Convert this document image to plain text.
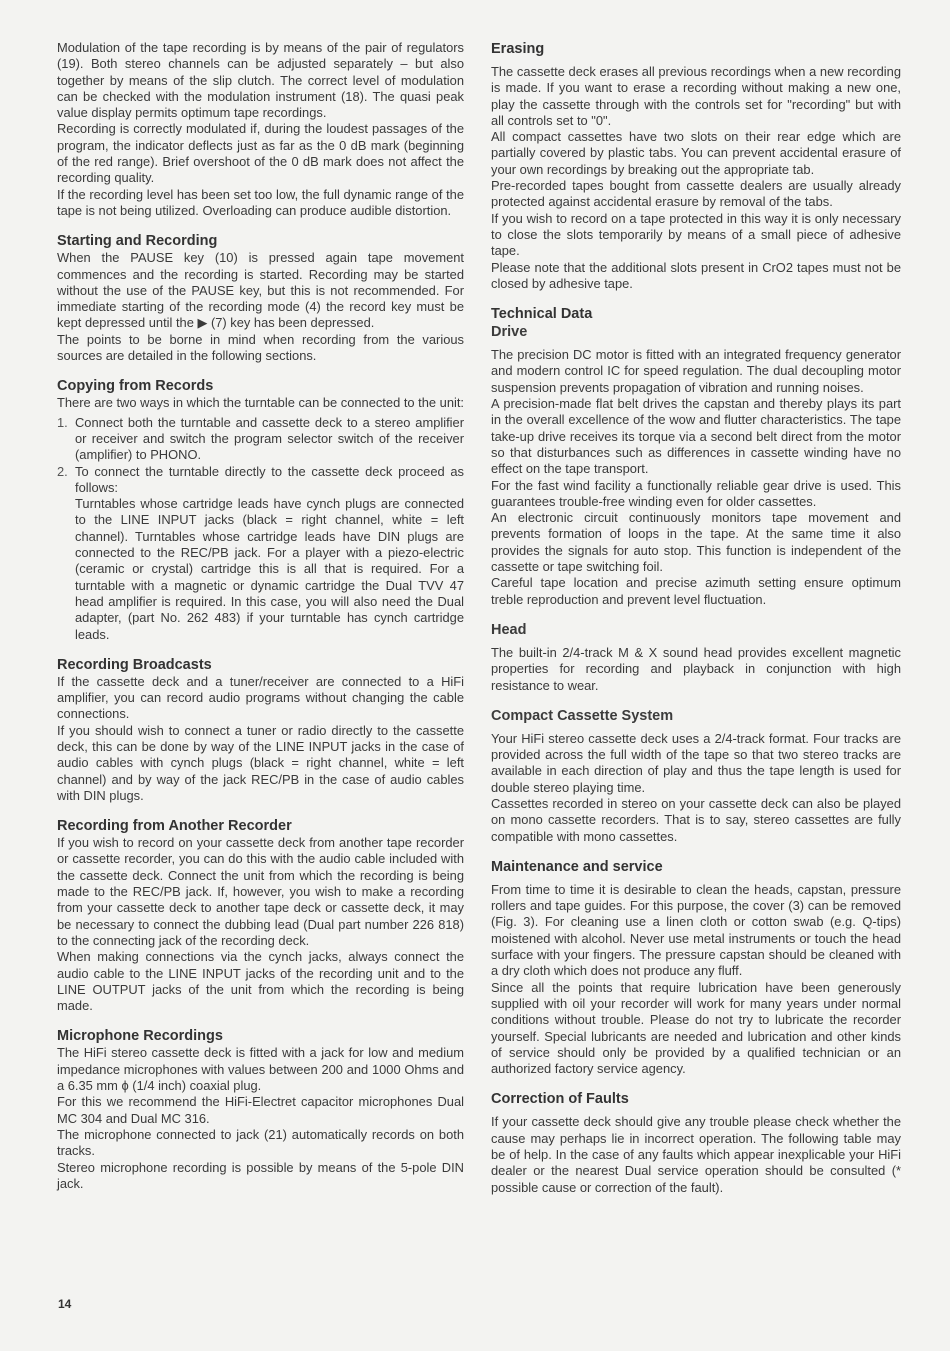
Modulation of the tape recording is by means of the pair of regulators (19). Both stereo channels can be adjusted separately – but also together by means of the slip clutch. The correct level of modulation can be checked with the modulation instrument (18). The quasi peak value display permits optimum tape recordings.

Recording is correctly modulated if, during the loudest passages of the program, the indicator deflects just as far as the 0 dB mark (beginning of the red range). Brief overshoot of the 0 dB mark does not affect the recording quality.

If the recording level has been set too low, the full dynamic range of the tape is not being utilized. Overloading can produce audible distortion.

Starting and Recording

When the PAUSE key (10) is pressed again tape movement commences and the recording is started. Recording may be started without the use of the PAUSE key, but this is not recommended. For immediate starting of the recording mode (4) the record key must be kept depressed until the ▶ (7) key has been depressed.

The points to be borne in mind when recording from the various sources are detailed in the following sections.

Copying from Records

There are two ways in which the turntable can be connected to the unit:

1. Connect both the turntable and cassette deck to a stereo amplifier or receiver and switch the program selector switch of the receiver (amplifier) to PHONO.

2. To connect the turntable directly to the cassette deck proceed as follows:

Turntables whose cartridge leads have cynch plugs are connected to the LINE INPUT jacks (black = right channel, white = left channel). Turntables whose cartridge leads have DIN plugs are connected to the REC/PB jack. For a player with a piezo-electric (ceramic or crystal) cartridge this is all that is required. For a turntable with a magnetic or dynamic cartridge the Dual TVV 47 head amplifier is required. In this case, you will also need the Dual adapter, (part No. 262 483) if your turntable has cynch cartridge leads.

Recording Broadcasts

If the cassette deck and a tuner/receiver are connected to a HiFi amplifier, you can record audio programs without changing the cable connections.

If you should wish to connect a tuner or radio directly to the cassette deck, this can be done by way of the LINE INPUT jacks in the case of audio cables with cynch plugs (black = right channel, white = left channel) and by way of the jack REC/PB in the case of audio cables with DIN plugs.

Recording from Another Recorder

If you wish to record on your cassette deck from another tape recorder or cassette recorder, you can do this with the audio cable included with the cassette deck. Connect the unit from which the recording is being made to the REC/PB jack. If, however, you wish to make a recording from your cassette deck to another tape deck or cassette deck, it may be necessary to connect the dubbing lead (Dual part number 226 818) to the connecting jack of the recording deck.

When making connections via the cynch jacks, always connect the audio cable to the LINE INPUT jacks of the recording unit and to the LINE OUTPUT jacks of the unit from which the recording is being made.

Microphone Recordings

The HiFi stereo cassette deck is fitted with a jack for low and medium impedance microphones with values between 200 and 1000 Ohms and a 6.35 mm ϕ (1/4 inch) coaxial plug.

For this we recommend the HiFi-Electret capacitor microphones Dual MC 304 and Dual MC 316.

The microphone connected to jack (21) automatically records on both tracks.

Stereo microphone recording is possible by means of the 5-pole DIN jack.

Erasing

The cassette deck erases all previous recordings when a new recording is made. If you want to erase a recording without making a new one, play the cassette through with the controls set for "recording" but with all controls set to "0".

All compact cassettes have two slots on their rear edge which are partially covered by plastic tabs. You can prevent accidental erasure of your own recordings by breaking out the appropriate tab.

Pre-recorded tapes bought from cassette dealers are usually already protected against accidental erasure by removal of the tabs.

If you wish to record on a tape protected in this way it is only necessary to close the slots temporarily by means of a small piece of adhesive tape.

Please note that the additional slots present in CrO2 tapes must not be closed by adhesive tape.

Technical Data
Drive

The precision DC motor is fitted with an integrated frequency generator and modern control IC for speed regulation. The dual decoupling motor suspension prevents propagation of vibration and running noises.

A precision-made flat belt drives the capstan and thereby plays its part in the overall excellence of the wow and flutter characteristics. The tape take-up drive receives its torque via a second belt direct from the motor so that disturbances such as differences in cassette winding have no effect on the tape transport.

For the fast wind facility a functionally reliable gear drive is used. This guarantees trouble-free winding even for older cassettes.

An electronic circuit continuously monitors tape movement and prevents formation of loops in the tape. At the same time it also provides the signals for auto stop. This function is independent of the cassette or tape switching foil.

Careful tape location and precise azimuth setting ensure optimum treble reproduction and prevent level fluctuation.

Head

The built-in 2/4-track M & X sound head provides excellent magnetic properties for recording and playback in conjunction with high resistance to wear.

Compact Cassette System

Your HiFi stereo cassette deck uses a 2/4-track format. Four tracks are provided across the full width of the tape so that two stereo tracks are available in each direction of play and thus the tape length is used for double stereo playing time.

Cassettes recorded in stereo on your cassette deck can also be played on mono cassette recorders. That is to say, stereo cassettes are fully compatible with mono cassettes.

Maintenance and service

From time to time it is desirable to clean the heads, capstan, pressure rollers and tape guides. For this purpose, the cover (3) can be removed (Fig. 3). For cleaning use a linen cloth or cotton swab (e.g. Q-tips) moistened with alcohol. Never use metal instruments or touch the head surface with your fingers. The pressure capstan should be cleaned with a dry cloth which does not produce any fluff.

Since all the points that require lubrication have been generously supplied with oil your recorder will work for many years under normal conditions without trouble. Please do not try to lubricate the recorder yourself. Special lubricants are needed and lubrication and other kinds of service should only be provided by a qualified technician or an authorized factory service agency.

Correction of Faults

If your cassette deck should give any trouble please check whether the cause may perhaps lie in incorrect operation. The following table may be of help. In the case of any faults which appear inexplicable your HiFi dealer or the nearest Dual service operation should be consulted (* possible cause or correction of the fault).

14
